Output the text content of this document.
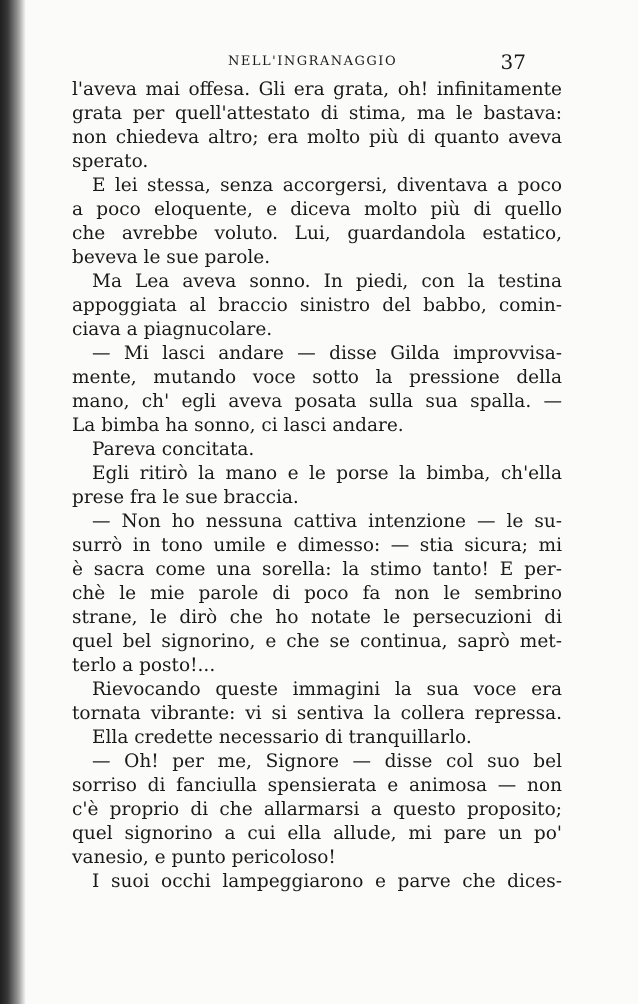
NELL'INGRANAGGIO	37
l'aveva mai offesa. Gli era grata, oh! infinitamente
grata per quell'attestato di stima, ma le bastava:
non chiedeva altro; era molto più di quanto aveva
sperato.
E lei stessa, senza accorgersi, diventava a poco
a poco eloquente, e diceva molto più di quello
che avrebbe voluto. Lui, guardandola estatico,
beveva le sue parole.
Ma Lea aveva sonno. In piedi, con la testina
appoggiata al braccio sinistro del babbo, comin-
ciava a piagnucolare.
— Mi lasci andare — disse Gilda improvvisa-
mente, mutando voce sotto la pressione della
mano, ch' egli aveva posata sulla sua spalla. —
La bimba ha sonno, ci lasci andare.
Pareva concitata.
Egli ritirò la mano e le porse la bimba, ch'ella
prese fra le sue braccia.
— Non ho nessuna cattiva intenzione — le su-
surrò in tono umile e dimesso: — stia sicura; mi
è sacra come una sorella: la stimo tanto! E per-
chè le mie parole di poco fa non le sembrino
strane, le dirò che ho notate le persecuzioni di
quel bel signorino, e che se continua, saprò met-
terlo a posto!...
Rievocando queste immagini la sua voce era
tornata vibrante: vi si sentiva la collera repressa.
Ella credette necessario di tranquillarlo.
— Oh! per me, Signore — disse col suo bel
sorriso di fanciulla spensierata e animosa — non
c'è proprio di che allarmarsi a questo proposito;
quel signorino a cui ella allude, mi pare un po'
vanesio, e punto pericoloso!
I suoi occhi lampeggiarono e parve che dices-
